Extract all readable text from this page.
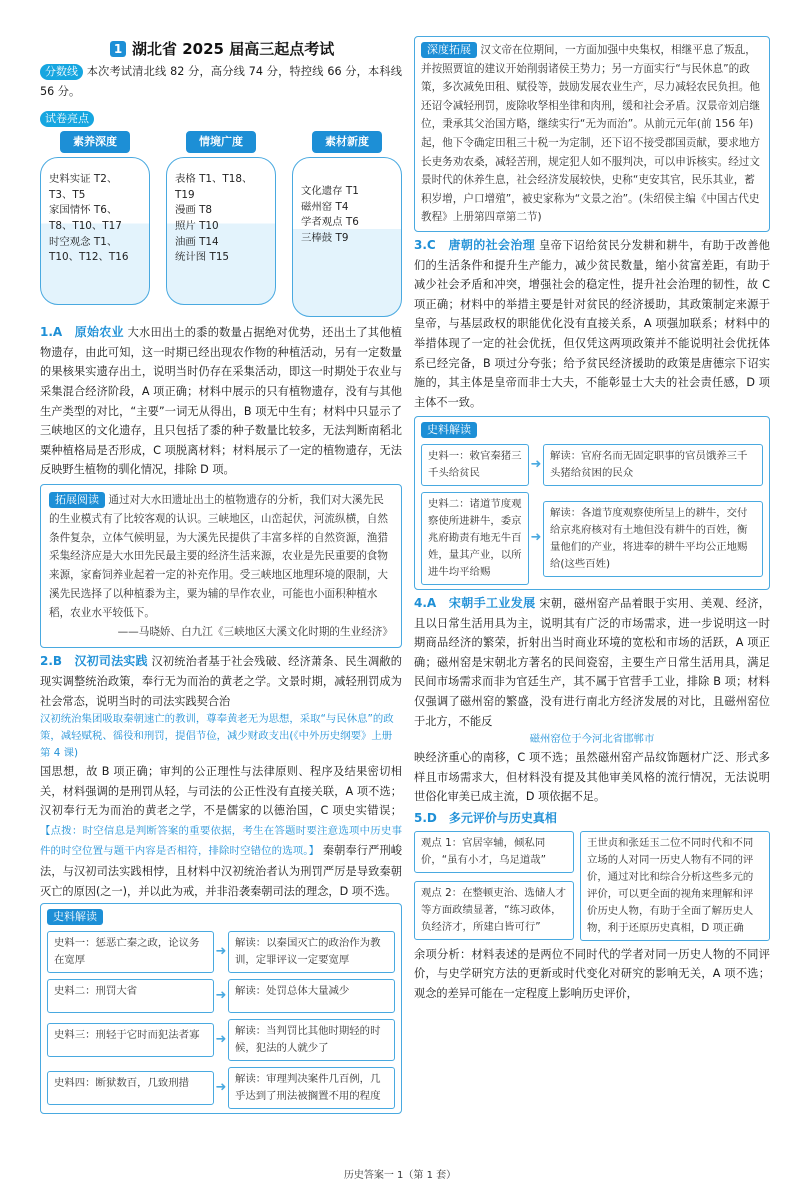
1 湖北省 2025 届高三起点考试

分数线 本次考试清北线 82 分，高分线 74 分，特控线 66 分，本科线 56 分。

试卷亮点
素养深度
史料实证 T2、
T3、T5
家国情怀 T6、
T8、T10、T17
时空观念 T1、
T10、T12、T16
情境广度
表格 T1、T18、
T19
漫画 T8
照片 T10
油画 T14
统计图 T15
素材新度
文化遗存 T1
磁州窑 T4
学者观点 T6
三棒鼓 T9

1.A　原始农业 大水田出土的黍的数量占据绝对优势，还出土了其他植物遗存，由此可知，这一时期已经出现农作物的种植活动，另有一定数量的果核果实遗存出土，说明当时仍存在采集活动，即这一时期处于农业与采集混合经济阶段，A 项正确；材料中展示的只有植物遗存，没有与其他生产类型的对比，“主要”一词无从得出，B 项无中生有；材料中只显示了三峡地区的文化遗存，且只包括了黍的种子数量比较多，无法判断南稻北粟种植格局是否形成，C 项脱离材料；材料展示了一定的植物遗存，无法反映野生植物的驯化情况，排除 D 项。

拓展阅读 通过对大水田遗址出土的植物遗存的分析，我们对大溪先民的生业模式有了比较客观的认识。三峡地区，山峦起伏，河流纵横，自然条件复杂，立体气候明显，为大溪先民提供了丰富多样的自然资源，渔猎采集经济应是大水田先民最主要的经济生活来源，农业是先民重要的食物来源，家畜饲养业起着一定的补充作用。受三峡地区地理环境的限制，大溪先民选择了以种植黍为主，粟为辅的旱作农业，可能也小面积种植水稻，农业水平较低下。
——马晓娇、白九江《三峡地区大溪文化时期的生业经济》

2.B　汉初司法实践 汉初统治者基于社会残破、经济萧条、民生凋敝的现实调整统治政策，奉行无为而治的黄老之学。文景时期，减轻刑罚成为社会常态，说明当时的司法实践契合治

汉初统治集团吸取秦朝速亡的教训，尊奉黄老无为思想，采取“与民休息”的政策，减轻赋税、徭役和刑罚，提倡节俭，减少财政支出(《中外历史纲要》上册第 4 课)

国思想，故 B 项正确；审判的公正理性与法律原则、程序及结果密切相关，材料强调的是刑罚从轻，与司法的公正性没有直接关联，A 项不选；汉初奉行无为而治的黄老之学，不是儒家的以德治国，C 项史实错误； 【点拨：时空信息是判断答案的重要依据，考生在答题时要注意选项中历史事件的时空位置与题干内容是否相符，排除时空错位的选项。】 秦朝奉行严刑峻法，与汉初司法实践相悖，且材料中汉初统治者认为刑罚严厉是导致秦朝灭亡的原因(之一)，并以此为戒，并非沿袭秦朝司法的理念，D 项不选。

史料解读
史料一：惩恶亡秦之政，论议务在宽厚
➜
解读：以秦国灭亡的政治作为教训，定罪评议一定要宽厚
史料二：刑罚大省	➜ 解读：处罚总体大量减少
史料三：刑轻于它时而犯法者寡	➜
解读：当判罚比其他时期轻的时候，犯法的人就少了
史料四：断狱数百，几致刑措	➜
解读：审理判决案件几百例，几乎达到了刑法被搁置不用的程度
深度拓展 汉文帝在位期间，一方面加强中央集权，相继平息了叛乱，并按照贾谊的建议开始削弱诸侯王势力；另一方面实行“与民休息”的政策，多次减免田租、赋役等，鼓励发展农业生产，尽力减轻农民负担。他还诏令减轻刑罚，废除收孥相坐律和肉刑，缓和社会矛盾。汉景帝刘启继位，秉承其父治国方略，继续实行“无为而治”。从前元元年(前 156 年)起，他下令确定田租三十税一为定制，还下诏不接受郡国贡献，要求地方长吏务劝农桑，减轻苦刑，规定犯人如不服判决，可以申诉核实。经过文景时代的休养生息，社会经济发展较快，史称“吏安其官，民乐其业，蓄积岁增，户口增殖”，被史家称为“文景之治”。(朱绍侯主编《中国古代史教程》上册第四章第二节)

3.C　唐朝的社会治理 皇帝下诏给贫民分发耕和耕牛，有助于改善他们的生活条件和提升生产能力，减少贫民数量，缩小贫富差距，有助于减少社会矛盾和冲突，增强社会的稳定性，提升社会治理的韧性，故 C 项正确；材料中的举措主要是针对贫民的经济援助，其政策制定来源于皇帝，与基层政权的职能优化没有直接关系，A 项强加联系；材料中的举措体现了一定的社会优抚，但仅凭这两项政策并不能说明社会优抚体系已经完备，B 项过分夸张；给予贫民经济援助的政策是唐德宗下诏实施的，其主体是皇帝而非士大夫，不能彰显士大夫的社会责任感，D 项主体不一致。

史料解读
史料一：敕官秦猪三千头给贫民
➜
解读：官府名而无固定职事的官员饿养三千头猪给贫困的民众
史料二：诸道节度观察使所进耕牛，委京兆府勘责有地无牛百姓，量其产业，以所进牛均平给赐
➜
解读：各道节度观察使所呈上的耕牛，交付给京兆府核对有土地但没有耕牛的百姓，衡量他们的产业，将进奉的耕牛平均公正地赐给(这些百姓)

4.A　宋朝手工业发展 宋朝，磁州窑产品着眼于实用、美观、经济，且以日常生活用具为主，说明其有广泛的市场需求，进一步说明这一时期商品经济的繁荣，折射出当时商业环境的宽松和市场的活跃，A 项正确；磁州窑是宋朝北方著名的民间瓷窑，主要生产日常生活用具，满足民间市场需求而非为官廷生产，其不属于官营手工业，排除 B 项；材料仅强调了磁州窑的繁盛，没有进行南北方经济发展的对比，且磁州窑位于北方，不能反

磁州窑位于今河北省邯郸市

映经济重心的南移，C 项不选；虽然磁州窑产品纹饰题材广泛、形式多样且市场需求大，但材料没有提及其他审美风格的流行情况，无法说明世俗化审美已成主流，D 项依据不足。

5.D　多元评价与历史真相

观点 1：官居宰辅，倾私同价，“虽有小才，乌足道哉”
观点 2：在整顿吏治、选储人才等方面政绩显著，“练习政体，负经济才，所建白皆可行”
王世贞和张廷玉二位不同时代和不同立场的人对同一历史人物有不同的评价，通过对比和综合分析这些多元的评价，可以更全面的视角来理解和评价历史人物，有助于全面了解历史人物，利于还原历史真相，D 项正确

余项分析：材料表述的是两位不同时代的学者对同一历史人物的不同评价，与史学研究方法的更新或时代变化对研究的影响无关，A 项不选；观念的差异可能在一定程度上影响历史评价，

历史答案一 1（第 1 套）
